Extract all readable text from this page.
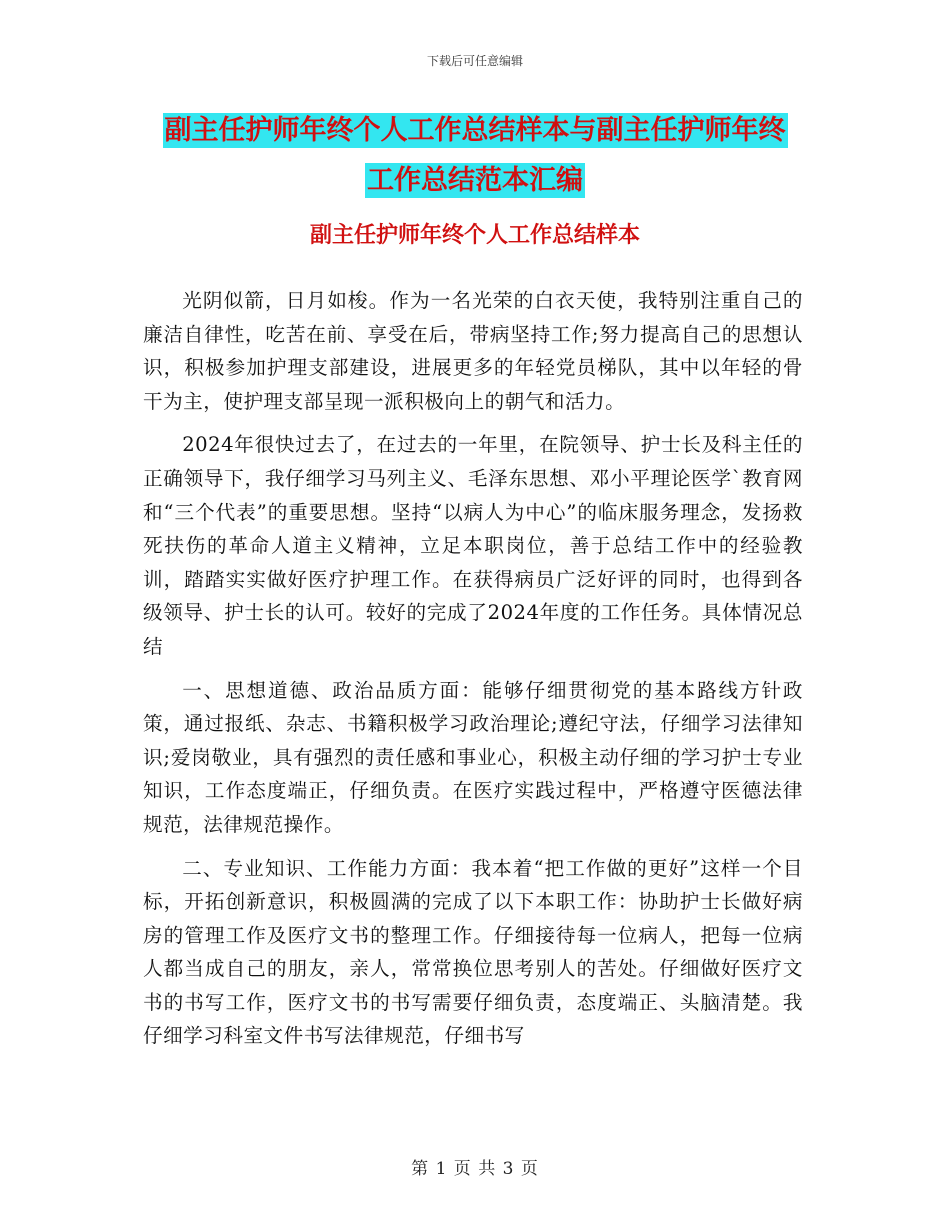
下载后可任意编辑
副主任护师年终个人工作总结样本与副主任护师年终
工作总结范本汇编
副主任护师年终个人工作总结样本

光阴似箭，日月如梭。作为一名光荣的白衣天使，我特别注重自己的廉洁自律性，吃苦在前、享受在后，带病坚持工作;努力提高自己的思想认识，积极参加护理支部建设，进展更多的年轻党员梯队，其中以年轻的骨干为主，使护理支部呈现一派积极向上的朝气和活力。

2024年很快过去了，在过去的一年里，在院领导、护士长及科主任的正确领导下，我仔细学习马列主义、毛泽东思想、邓小平理论医学`教育网和“三个代表”的重要思想。坚持“以病人为中心”的临床服务理念，发扬救死扶伤的革命人道主义精神，立足本职岗位，善于总结工作中的经验教训，踏踏实实做好医疗护理工作。在获得病员广泛好评的同时，也得到各级领导、护士长的认可。较好的完成了2024年度的工作任务。具体情况总结

一、思想道德、政治品质方面：能够仔细贯彻党的基本路线方针政策，通过报纸、杂志、书籍积极学习政治理论;遵纪守法，仔细学习法律知识;爱岗敬业，具有强烈的责任感和事业心，积极主动仔细的学习护士专业知识，工作态度端正，仔细负责。在医疗实践过程中，严格遵守医德法律规范，法律规范操作。

二、专业知识、工作能力方面：我本着“把工作做的更好”这样一个目标，开拓创新意识，积极圆满的完成了以下本职工作：协助护士长做好病房的管理工作及医疗文书的整理工作。仔细接待每一位病人，把每一位病人都当成自己的朋友，亲人，常常换位思考别人的苦处。仔细做好医疗文书的书写工作，医疗文书的书写需要仔细负责，态度端正、头脑清楚。我仔细学习科室文件书写法律规范，仔细书写

第 1 页 共 3 页
